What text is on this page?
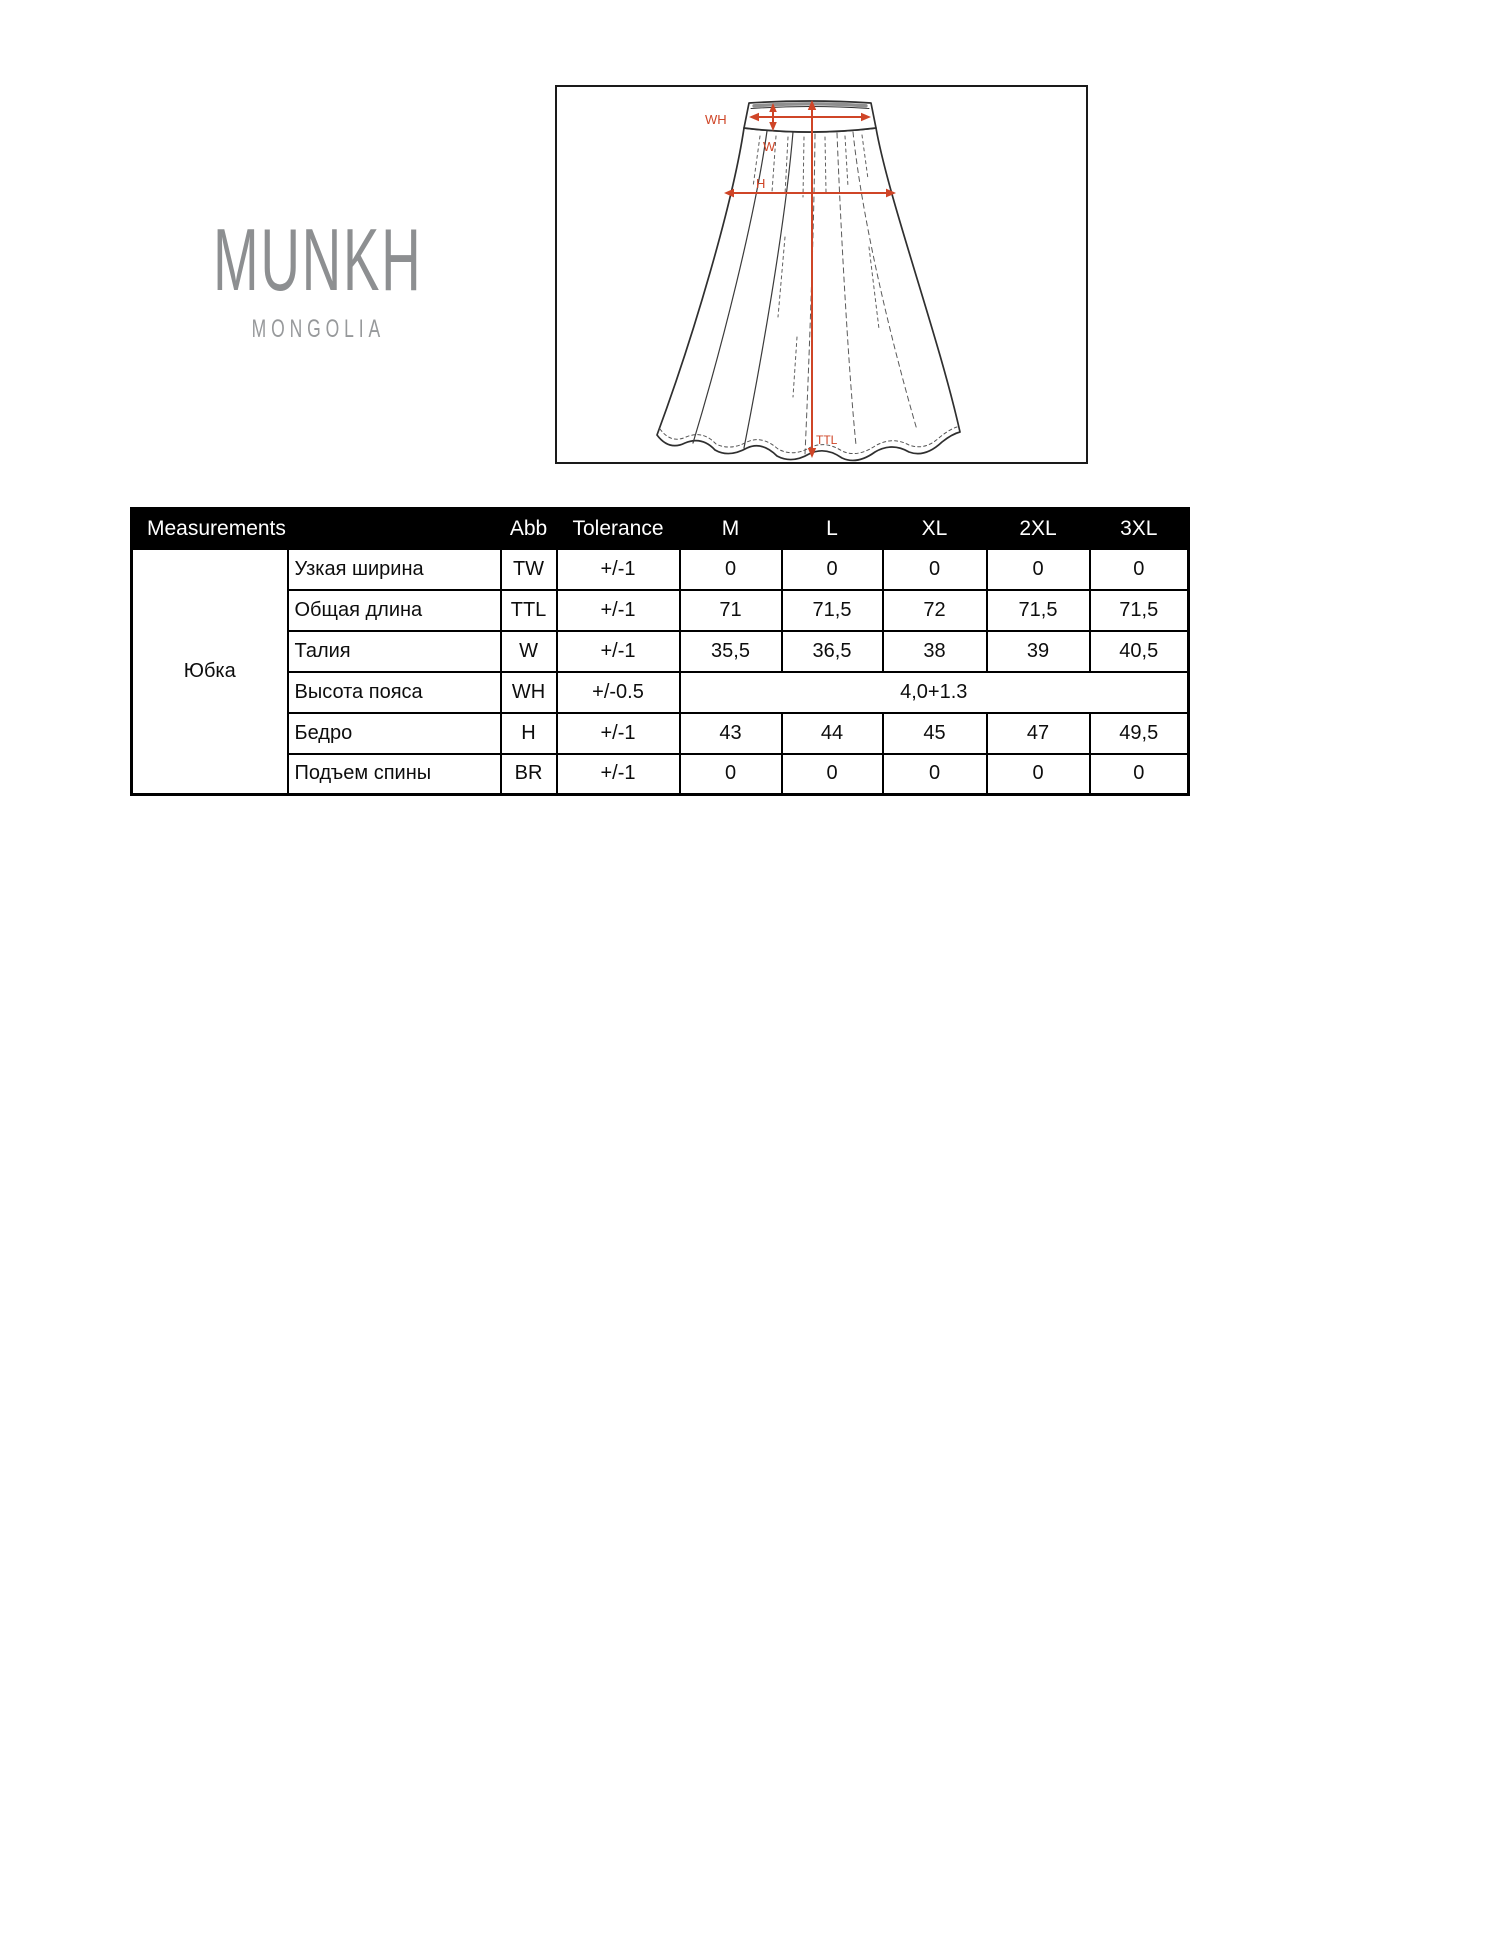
MUNKH
MONGOLIA
WH
W
H
TTL
Measurements		Abb	Tolerance	M	L	XL	2XL	3XL
Юбка	Узкая ширина	TW	+/-1	0	0	0	0	0
	Общая длина	TTL	+/-1	71	71,5	72	71,5	71,5
	Талия	W	+/-1	35,5	36,5	38	39	40,5
	Высота пояса	WH	+/-0.5	4,0+1.3				
	Бедро	H	+/-1	43	44	45	47	49,5
	Подъем спины	BR	+/-1	0	0	0	0	0
